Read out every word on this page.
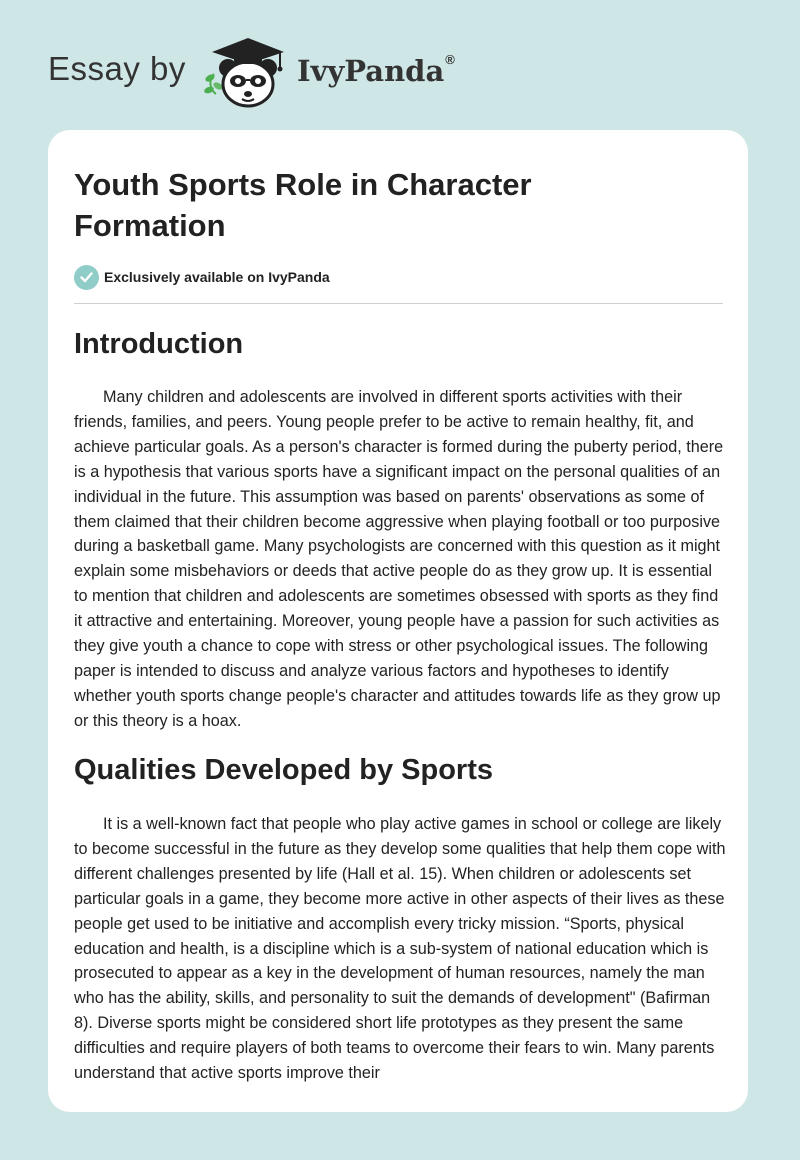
Essay by	IvyPanda®
Youth Sports Role in Character Formation
Exclusively available on IvyPanda
Introduction

Many children and adolescents are involved in different sports activities with their friends, families, and peers. Young people prefer to be active to remain healthy, fit, and achieve particular goals. As a person's character is formed during the puberty period, there is a hypothesis that various sports have a significant impact on the personal qualities of an individual in the future. This assumption was based on parents' observations as some of them claimed that their children become aggressive when playing football or too purposive during a basketball game. Many psychologists are concerned with this question as it might explain some misbehaviors or deeds that active people do as they grow up. It is essential to mention that children and adolescents are sometimes obsessed with sports as they find it attractive and entertaining. Moreover, young people have a passion for such activities as they give youth a chance to cope with stress or other psychological issues. The following paper is intended to discuss and analyze various factors and hypotheses to identify whether youth sports change people's character and attitudes towards life as they grow up or this theory is a hoax.

Qualities Developed by Sports

It is a well-known fact that people who play active games in school or college are likely to become successful in the future as they develop some qualities that help them cope with different challenges presented by life (Hall et al. 15). When children or adolescents set particular goals in a game, they become more active in other aspects of their lives as these people get used to be initiative and accomplish every tricky mission. “Sports, physical education and health, is a discipline which is a sub-system of national education which is prosecuted to appear as a key in the development of human resources, namely the man who has the ability, skills, and personality to suit the demands of development" (Bafirman 8). Diverse sports might be considered short life prototypes as they present the same difficulties and require players of both teams to overcome their fears to win. Many parents understand that active sports improve their
